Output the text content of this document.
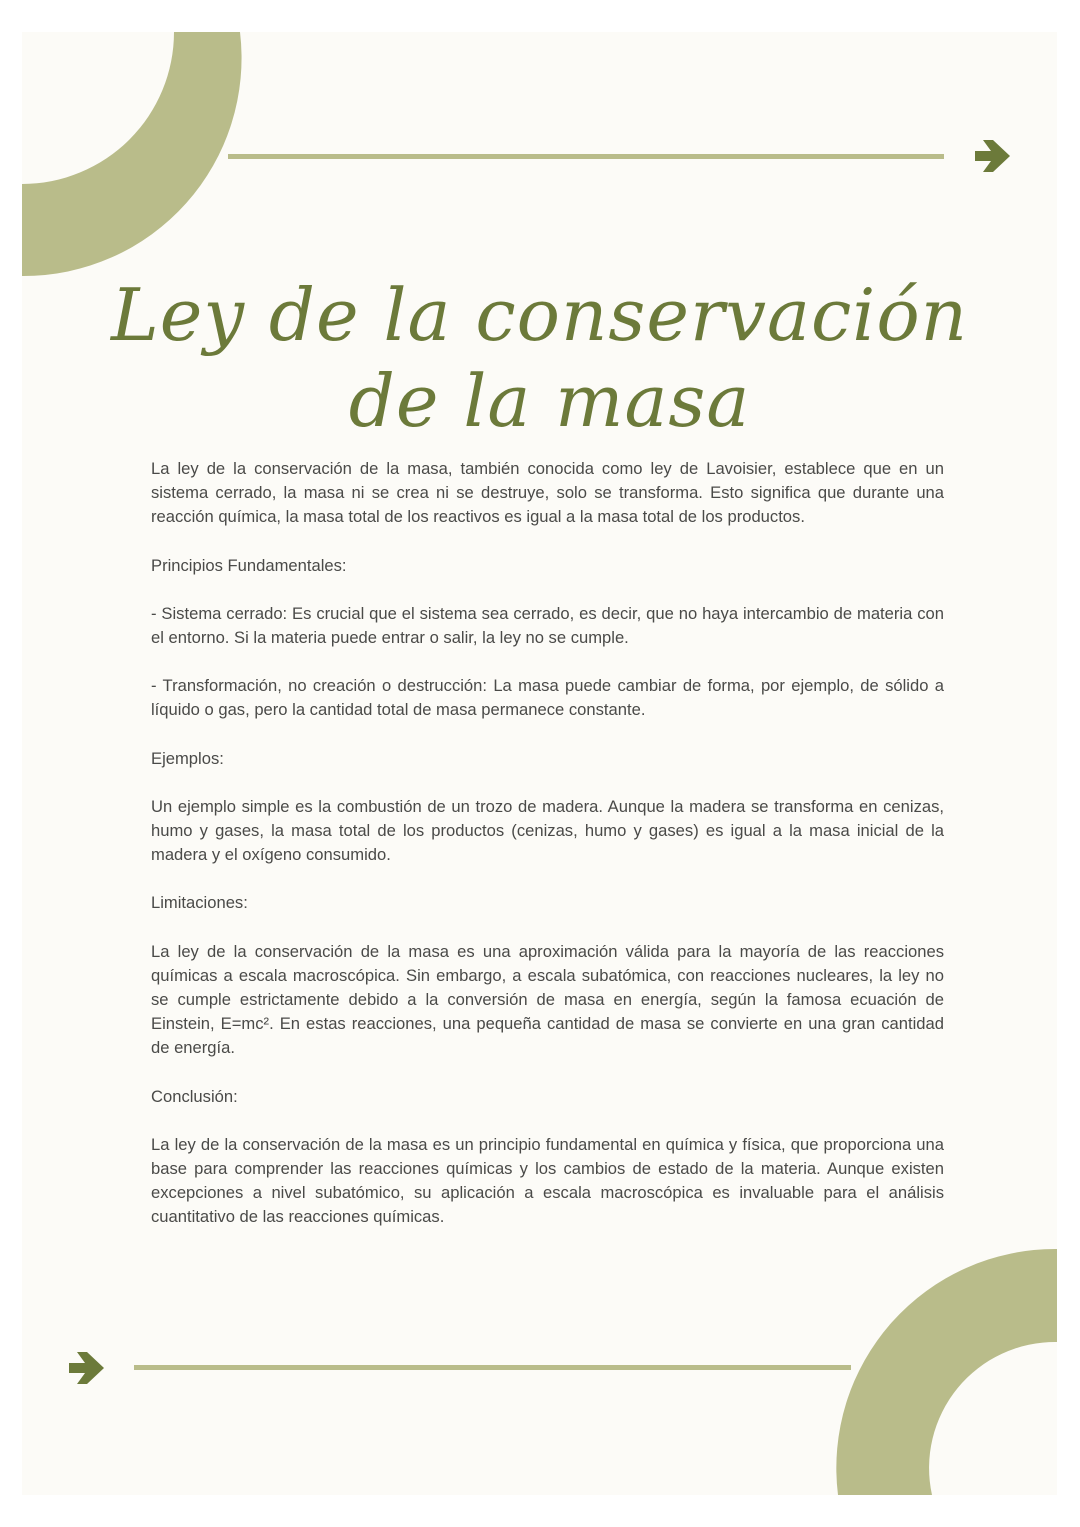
Ley de la conservación
de la masa

La ley de la conservación de la masa, también conocida como ley de Lavoisier, establece que en un sistema cerrado, la masa ni se crea ni se destruye, solo se transforma. Esto significa que durante una reacción química, la masa total de los reactivos es igual a la masa total de los productos.

Principios Fundamentales:

- Sistema cerrado: Es crucial que el sistema sea cerrado, es decir, que no haya intercambio de materia con el entorno. Si la materia puede entrar o salir, la ley no se cumple.

- Transformación, no creación o destrucción: La masa puede cambiar de forma, por ejemplo, de sólido a líquido o gas, pero la cantidad total de masa permanece constante.

Ejemplos:

Un ejemplo simple es la combustión de un trozo de madera. Aunque la madera se transforma en cenizas, humo y gases, la masa total de los productos (cenizas, humo y gases) es igual a la masa inicial de la madera y el oxígeno consumido.

Limitaciones:

La ley de la conservación de la masa es una aproximación válida para la mayoría de las reacciones químicas a escala macroscópica. Sin embargo, a escala subatómica, con reacciones nucleares, la ley no se cumple estrictamente debido a la conversión de masa en energía, según la famosa ecuación de Einstein, E=mc². En estas reacciones, una pequeña cantidad de masa se convierte en una gran cantidad de energía.

Conclusión:

La ley de la conservación de la masa es un principio fundamental en química y física, que proporciona una base para comprender las reacciones químicas y los cambios de estado de la materia. Aunque existen excepciones a nivel subatómico, su aplicación a escala macroscópica es invaluable para el análisis cuantitativo de las reacciones químicas.
